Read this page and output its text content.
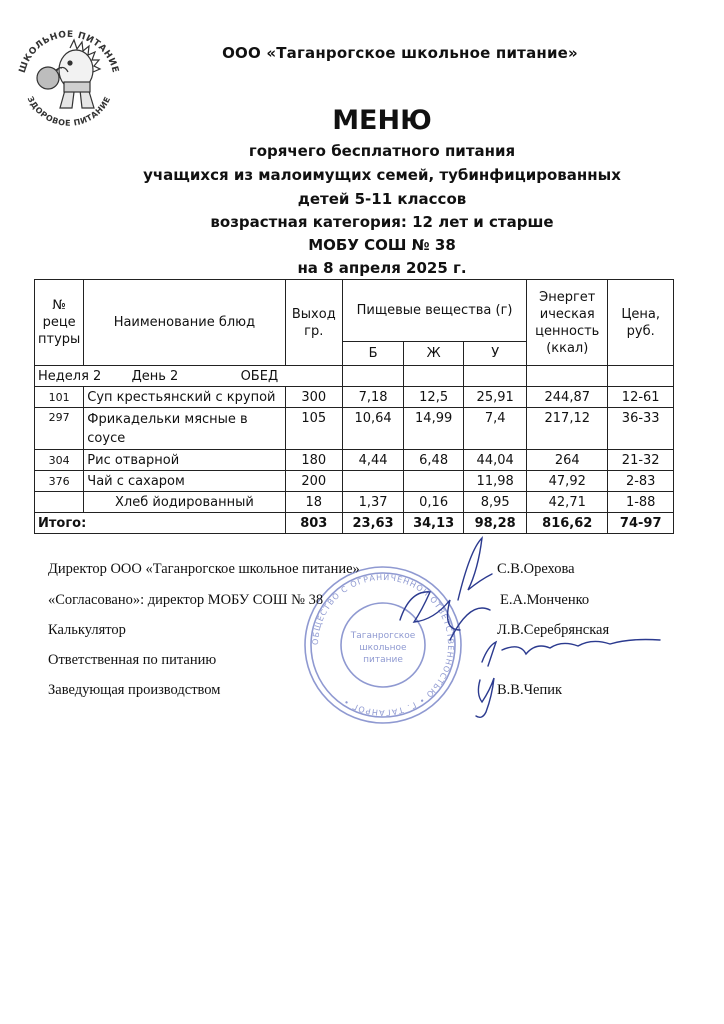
ШКОЛЬНОЕ ПИТАНИЕ
ЗДОРОВОЕ ПИТАНИЕ
ООО «Таганрогское школьное питание»
МЕНЮ
горячего бесплатного питания
учащихся из малоимущих семей, тубинфицированных
детей 5-11 классов
возрастная категория: 12 лет и старше
МОБУ СОШ № 38
на 8 апреля 2025 г.
№ реце птуры	Наименование блюд	Выход гр.	Пищевые вещества (г)			Энергет ическая ценность (ккал)	Цена, руб.
			Б	Ж	У		
Неделя 2 День 2 ОБЕД							
101	Суп крестьянский с крупой	300	7,18	12,5	25,91	244,87	12-61
297	Фрикадельки мясные в соусе	105	10,64	14,99	7,4	217,12	36-33
304	Рис отварной	180	4,44	6,48	44,04	264	21-32
376	Чай с сахаром	200			11,98	47,92	2-83
	Хлеб йодированный	18	1,37	0,16	8,95	42,71	1-88
Итого:		803	23,63	34,13	98,28	816,62	74-97
ОБЩЕСТВО С ОГРАНИЧЕННОЙ ОТВЕТСТВЕННОСТЬЮ • Г. ТАГАНРОГ •
Таганрогское
школьное
питание
Директор ООО «Таганрогское школьное питание»	С.В.Орехова
«Согласовано»: директор МОБУ СОШ № 38	Е.А.Монченко
Калькулятор	Л.В.Серебрянская
Ответственная по питанию
Заведующая производством	В.В.Чепик
